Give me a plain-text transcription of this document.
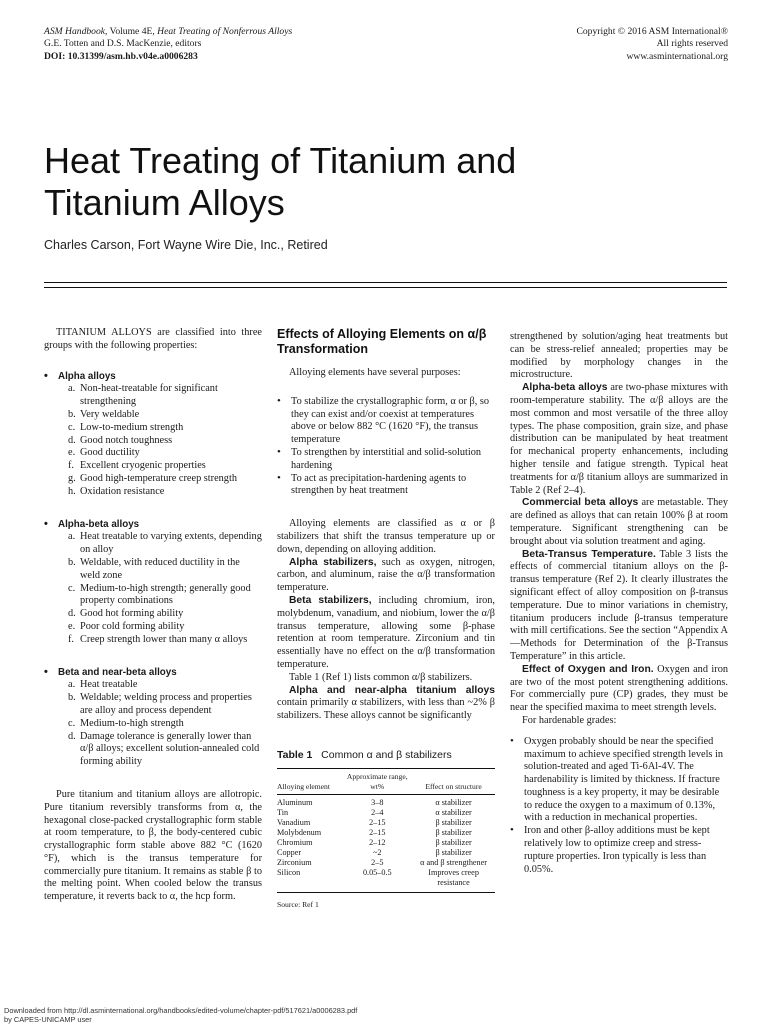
ASM Handbook, Volume 4E, Heat Treating of Nonferrous Alloys
G.E. Totten and D.S. MacKenzie, editors
DOI: 10.31399/asm.hb.v04e.a0006283
Copyright © 2016 ASM International®
All rights reserved
www.asminternational.org
Heat Treating of Titanium and
Titanium Alloys
Charles Carson, Fort Wayne Wire Die, Inc., Retired

TITANIUM ALLOYS are classified into three groups with the following properties:

• Alpha alloys
a. Non-heat-treatable for significant strengthening
b. Very weldable
c. Low-to-medium strength
d. Good notch toughness
e. Good ductility
f. Excellent cryogenic properties
g. Good high-temperature creep strength
h. Oxidation resistance
• Alpha-beta alloys
a. Heat treatable to varying extents, depending on alloy
b. Weldable, with reduced ductility in the weld zone
c. Medium-to-high strength; generally good property combinations
d. Good hot forming ability
e. Poor cold forming ability
f. Creep strength lower than many α alloys
• Beta and near-beta alloys
a. Heat treatable
b. Weldable; welding process and properties are alloy and process dependent
c. Medium-to-high strength
d. Damage tolerance is generally lower than α/β alloys; excellent solution-annealed cold forming ability

Pure titanium and titanium alloys are allotropic. Pure titanium reversibly transforms from α, the hexagonal close-packed crystallographic form stable at room temperature, to β, the body-centered cubic crystallographic form stable above 882 °C (1620 °F), which is the transus temperature for commercially pure titanium. It remains as stable β to the melting point. When cooled below the transus temperature, it reverts back to α, the hcp form.

Effects of Alloying Elements on α/β Transformation

Alloying elements have several purposes:

• To stabilize the crystallographic form, α or β, so they can exist and/or coexist at temperatures above or below 882 °C (1620 °F), the transus temperature
• To strengthen by interstitial and solid-solution hardening
• To act as precipitation-hardening agents to strengthen by heat treatment

Alloying elements are classified as α or β stabilizers that shift the transus temperature up or down, depending on alloying addition.

Alpha stabilizers, such as oxygen, nitrogen, carbon, and aluminum, raise the α/β transformation temperature.

Beta stabilizers, including chromium, iron, molybdenum, vanadium, and niobium, lower the α/β transus temperature, allowing some β-phase retention at room temperature. Zirconium and tin essentially have no effect on the α/β transformation temperature.

Table 1 (Ref 1) lists common α/β stabilizers.

Alpha and near-alpha titanium alloys contain primarily α stabilizers, with less than ~2% β stabilizers. These alloys cannot be significantly

Table 1 Common α and β stabilizers
Alloying element	Approximate range, wt%	Effect on structure
Aluminum	3–8	α stabilizer
Tin	2–4	α stabilizer
Vanadium	2–15	β stabilizer
Molybdenum	2–15	β stabilizer
Chromium	2–12	β stabilizer
Copper	~2	β stabilizer
Zirconium	2–5	α and β strengthener
Silicon	0.05–0.5	Improves creep resistance
Source: Ref 1

strengthened by solution/aging heat treatments but can be stress-relief annealed; properties may be modified by morphology changes in the microstructure.

Alpha-beta alloys are two-phase mixtures with room-temperature stability. The α/β alloys are the most common and most versatile of the three alloy types. The phase composition, grain size, and phase distribution can be manipulated by heat treatment for mechanical property enhancements, including higher tensile and fatigue strength. Typical heat treatments for α/β titanium alloys are summarized in Table 2 (Ref 2–4).

Commercial beta alloys are metastable. They are defined as alloys that can retain 100% β at room temperature. Significant strengthening can be brought about via solution treatment and aging.

Beta-Transus Temperature. Table 3 lists the effects of commercial titanium alloys on the β-transus temperature (Ref 2). It clearly illustrates the significant effect of alloy composition on β-transus temperature. Due to minor variations in chemistry, titanium producers include β-transus temperature with mill certifications. See the section “Appendix A—Methods for Determination of the β-Transus Temperature” in this article.

Effect of Oxygen and Iron. Oxygen and iron are two of the most potent strengthening additions. For commercially pure (CP) grades, they must be near the specified maxima to meet strength levels.

For hardenable grades:

• Oxygen probably should be near the specified maximum to achieve specified strength levels in solution-treated and aged Ti-6Al-4V. The hardenability is limited by thickness. If fracture toughness is a key property, it may be desirable to reduce the oxygen to a maximum of 0.13%, with a reduction in mechanical properties.
• Iron and other β-alloy additions must be kept relatively low to optimize creep and stress-rupture properties. Iron typically is less than 0.05%.
Downloaded from http://dl.asminternational.org/handbooks/edited-volume/chapter-pdf/517621/a0006283.pdf
by CAPES-UNICAMP user
